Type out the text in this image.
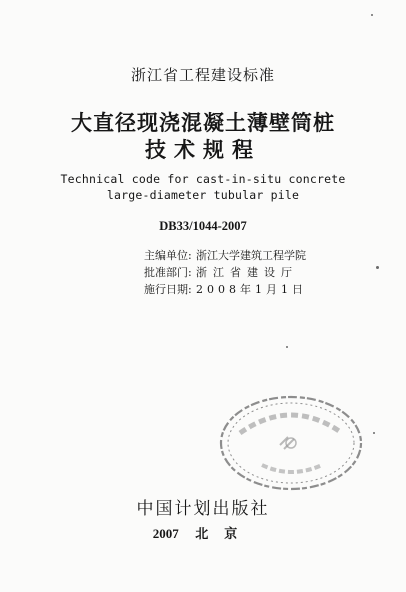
浙江省工程建设标准
大直径现浇混凝土薄壁筒桩
技术规程
Technical code for cast-in-situ concrete
large-diameter tubular pile
DB33/1044-2007
主编单位: 浙江大学建筑工程学院
批准部门: 浙江省建设厅
施行日期: 2008年1月1日
中国计划出版社
2007 北京
